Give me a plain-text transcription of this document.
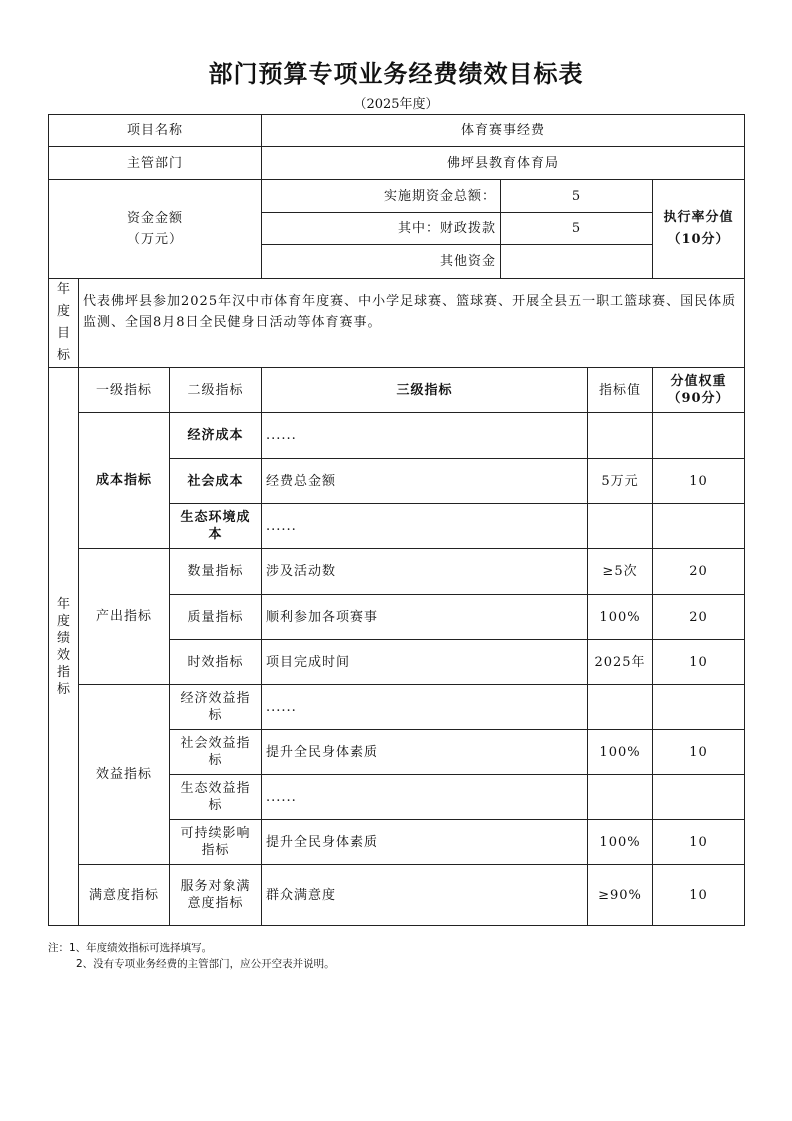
部门预算专项业务经费绩效目标表
（2025年度）
项目名称			体育赛事经费			
主管部门			佛坪县教育体育局			
资金金额（万元）			实施期资金总额：	5		执行率分值（10分）
			其中：财政拨款	5		
			其他资金			
年度目标	代表佛坪县参加2025年汉中市体育年度赛、中小学足球赛、篮球赛、开展全县五一职工篮球赛、国民体质监测、全国8月8日全民健身日活动等体育赛事。					
年度绩效指标	一级指标	二级指标	三级指标		指标值	分值权重（90分）
	成本指标	经济成本	......			
		社会成本	经费总金额		5万元	10
		生态环境成本	......			
	产出指标	数量指标	涉及活动数		≥5次	20
		质量指标	顺利参加各项赛事		100%	20
		时效指标	项目完成时间		2025年	10
	效益指标	经济效益指标	......			
		社会效益指标	提升全民身体素质		100%	10
		生态效益指标	......			
		可持续影响指标	提升全民身体素质		100%	10
	满意度指标	服务对象满意度指标	群众满意度		≥90%	10
注：1、年度绩效指标可选择填写。
2、没有专项业务经费的主管部门，应公开空表并说明。
